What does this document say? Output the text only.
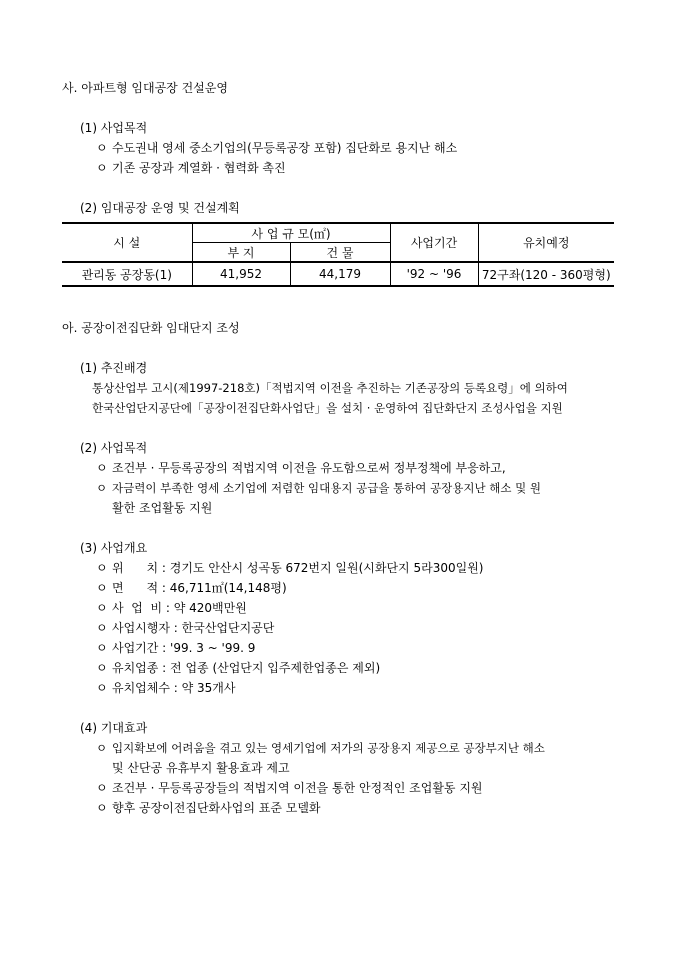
사. 아파트형 임대공장 건설운영
(1) 사업목적
ㅇ 수도권내 영세 중소기업의(무등록공장 포함) 집단화로 용지난 해소
ㅇ 기존 공장과 계열화 · 협력화 촉진
(2) 임대공장 운영 및 건설계획
시 설	사 업 규 모(㎡)		사업기간	유치예정
	부 지	건 물		
관리동 공장동(1)	41,952	44,179	'92 ~ '96	72구좌(120 - 360평형)
아. 공장이전집단화 임대단지 조성
(1) 추진배경
통상산업부 고시(제1997-218호)「적법지역 이전을 추진하는 기존공장의 등록요령」에 의하여
한국산업단지공단에「공장이전집단화사업단」을 설치 · 운영하여 집단화단지 조성사업을 지원
(2) 사업목적
ㅇ 조건부 · 무등록공장의 적법지역 이전을 유도함으로써 정부정책에 부응하고,
ㅇ 자금력이 부족한 영세 소기업에 저렴한 임대용지 공급을 통하여 공장용지난 해소 및 원
활한 조업활동 지원
(3) 사업개요
ㅇ 위      치 : 경기도 안산시 성곡동 672번지 일원(시화단지 5라300일원)
ㅇ 면      적 : 46,711㎡(14,148평)
ㅇ 사  업  비 : 약 420백만원
ㅇ 사업시행자 : 한국산업단지공단
ㅇ 사업기간 : '99. 3 ~ '99. 9
ㅇ 유치업종 : 전 업종 (산업단지 입주제한업종은 제외)
ㅇ 유치업체수 : 약 35개사
(4) 기대효과
ㅇ 입지확보에 어려움을 겪고 있는 영세기업에 저가의 공장용지 제공으로 공장부지난 해소
및 산단공 유휴부지 활용효과 제고
ㅇ 조건부 · 무등록공장들의 적법지역 이전을 통한 안정적인 조업활동 지원
ㅇ 향후 공장이전집단화사업의 표준 모델화
